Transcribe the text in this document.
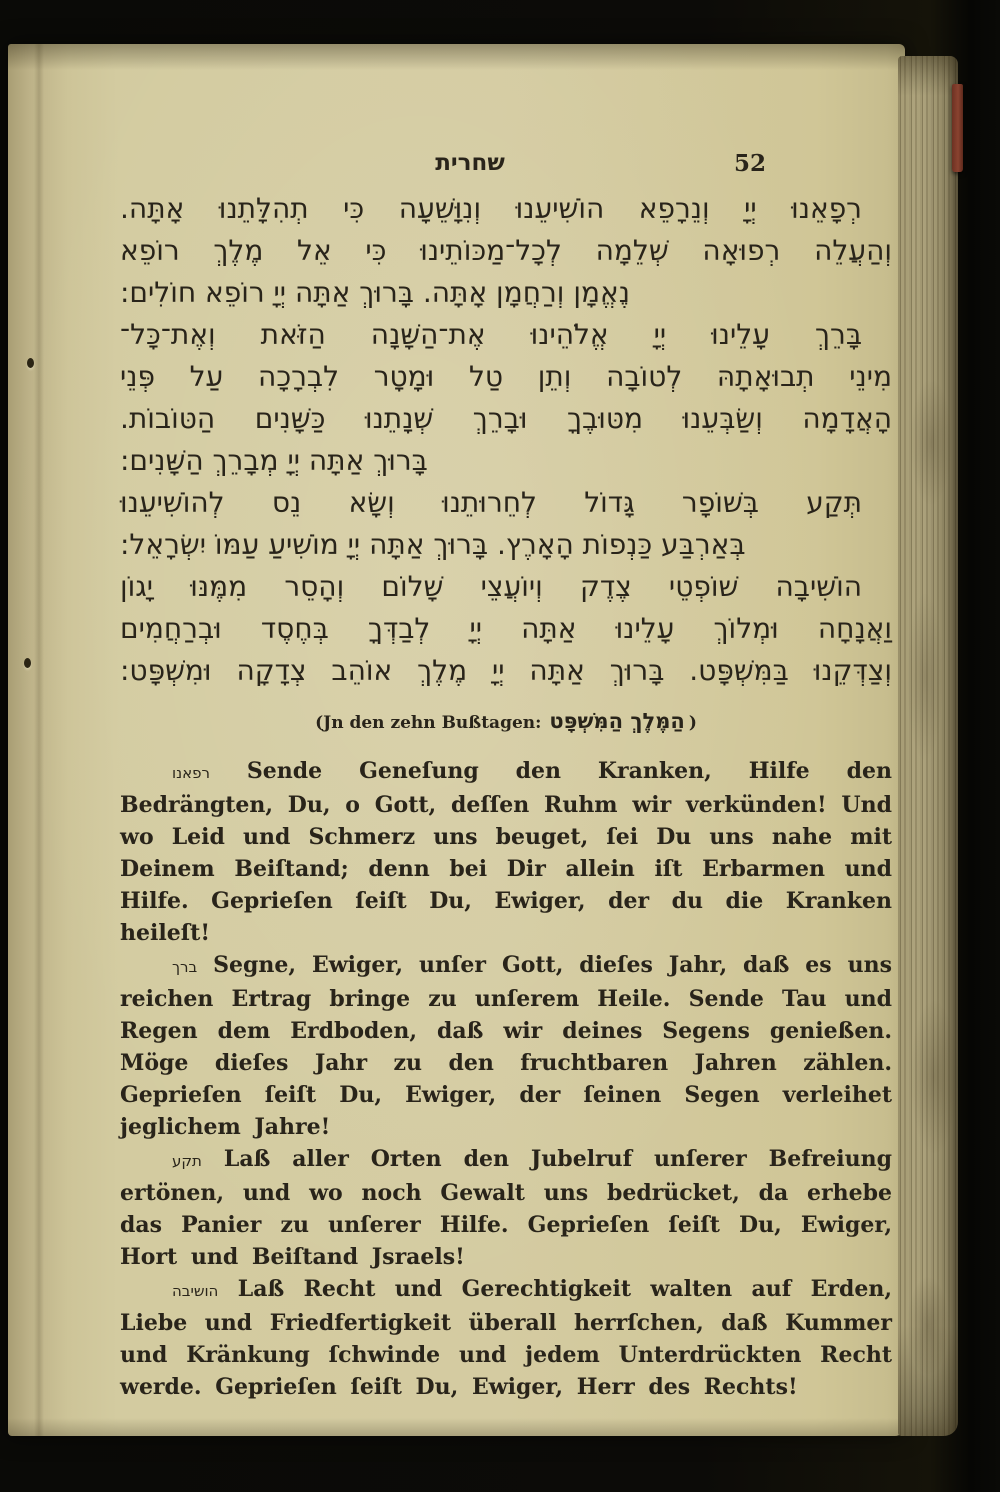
שחרית	52
רְפָאֵנוּ יְיָ וְנֵרָפֵא הוֹשִׁיעֵנוּ וְנִוָּשֵׁעָה כִּי תְהִלָּתֵנוּ אָתָּה.
וְהַעֲלֵה רְפוּאָה שְׁלֵמָה לְכָל־מַכּוֹתֵינוּ כִּי אֵל מֶלֶךְ רוֹפֵא
נֶאֱמָן וְרַחֲמָן אָתָּה. בָּרוּךְ אַתָּה יְיָ רוֹפֵא חוֹלִים:
בָּרֵךְ עָלֵינוּ יְיָ אֱלֹהֵינוּ אֶת־הַשָּׁנָה הַזֹּאת וְאֶת־כָּל־
מִינֵי תְבוּאָתָהּ לְטוֹבָה וְתֵן טַל וּמָטָר לִבְרָכָה עַל פְּנֵי
הָאֲדָמָה וְשַׂבְּעֵנוּ מִטּוּבֶךָ וּבָרֵךְ שְׁנָתֵנוּ כַּשָּׁנִים הַטּוֹבוֹת.
בָּרוּךְ אַתָּה יְיָ מְבָרֵךְ הַשָּׁנִים:
תְּקַע בְּשׁוֹפָר גָּדוֹל לְחֵרוּתֵנוּ וְשָׂא נֵס לְהוֹשִׁיעֵנוּ
בְּאַרְבַּע כַּנְפוֹת הָאָרֶץ. בָּרוּךְ אַתָּה יְיָ מוֹשִׁיעַ עַמּוֹ יִשְׂרָאֵל:
הוֹשִׁיבָה שׁוֹפְטֵי צֶדֶק וְיוֹעֲצֵי שָׁלוֹם וְהָסֵר מִמֶּנּוּ יָגוֹן
וַאֲנָחָה וּמְלוֹךְ עָלֵינוּ אַתָּה יְיָ לְבַדְּךָ בְּחֶסֶד וּבְרַחֲמִים
וְצַדְּקֵנוּ בַּמִּשְׁפָּט. בָּרוּךְ אַתָּה יְיָ מֶלֶךְ אוֹהֵב צְדָקָה וּמִשְׁפָּט:
(Jn den zehn Bußtagen: הַמֶּלֶךְ הַמִּשְׁפָּט )

רפאנו Sende Geneſung den Kranken, Hilfe den Bedrängten, Du, o Gott, deſſen Ruhm wir verkünden! Und wo Leid und Schmerz uns beuget, ſei Du uns nahe mit Deinem Beiſtand; denn bei Dir allein iſt Erbarmen und Hilfe. Geprieſen ſeiſt Du, Ewiger, der du die Kranken heileſt!

ברך Segne, Ewiger, unſer Gott, dieſes Jahr, daß es uns reichen Ertrag bringe zu unſerem Heile. Sende Tau und Regen dem Erdboden, daß wir deines Segens genießen. Möge dieſes Jahr zu den fruchtbaren Jahren zählen. Geprieſen ſeiſt Du, Ewiger, der ſeinen Segen verleihet jeglichem Jahre!

תקע Laß aller Orten den Jubelruf unſerer Befreiung ertönen, und wo noch Gewalt uns bedrücket, da erhebe das Panier zu unſerer Hilfe. Geprieſen ſeiſt Du, Ewiger, Hort und Beiſtand Jsraels!

הושיבה Laß Recht und Gerechtigkeit walten auf Erden, Liebe und Friedfertigkeit überall herrſchen, daß Kummer und Kränkung ſchwinde und jedem Unterdrückten Recht werde. Geprieſen ſeiſt Du, Ewiger, Herr des Rechts!
